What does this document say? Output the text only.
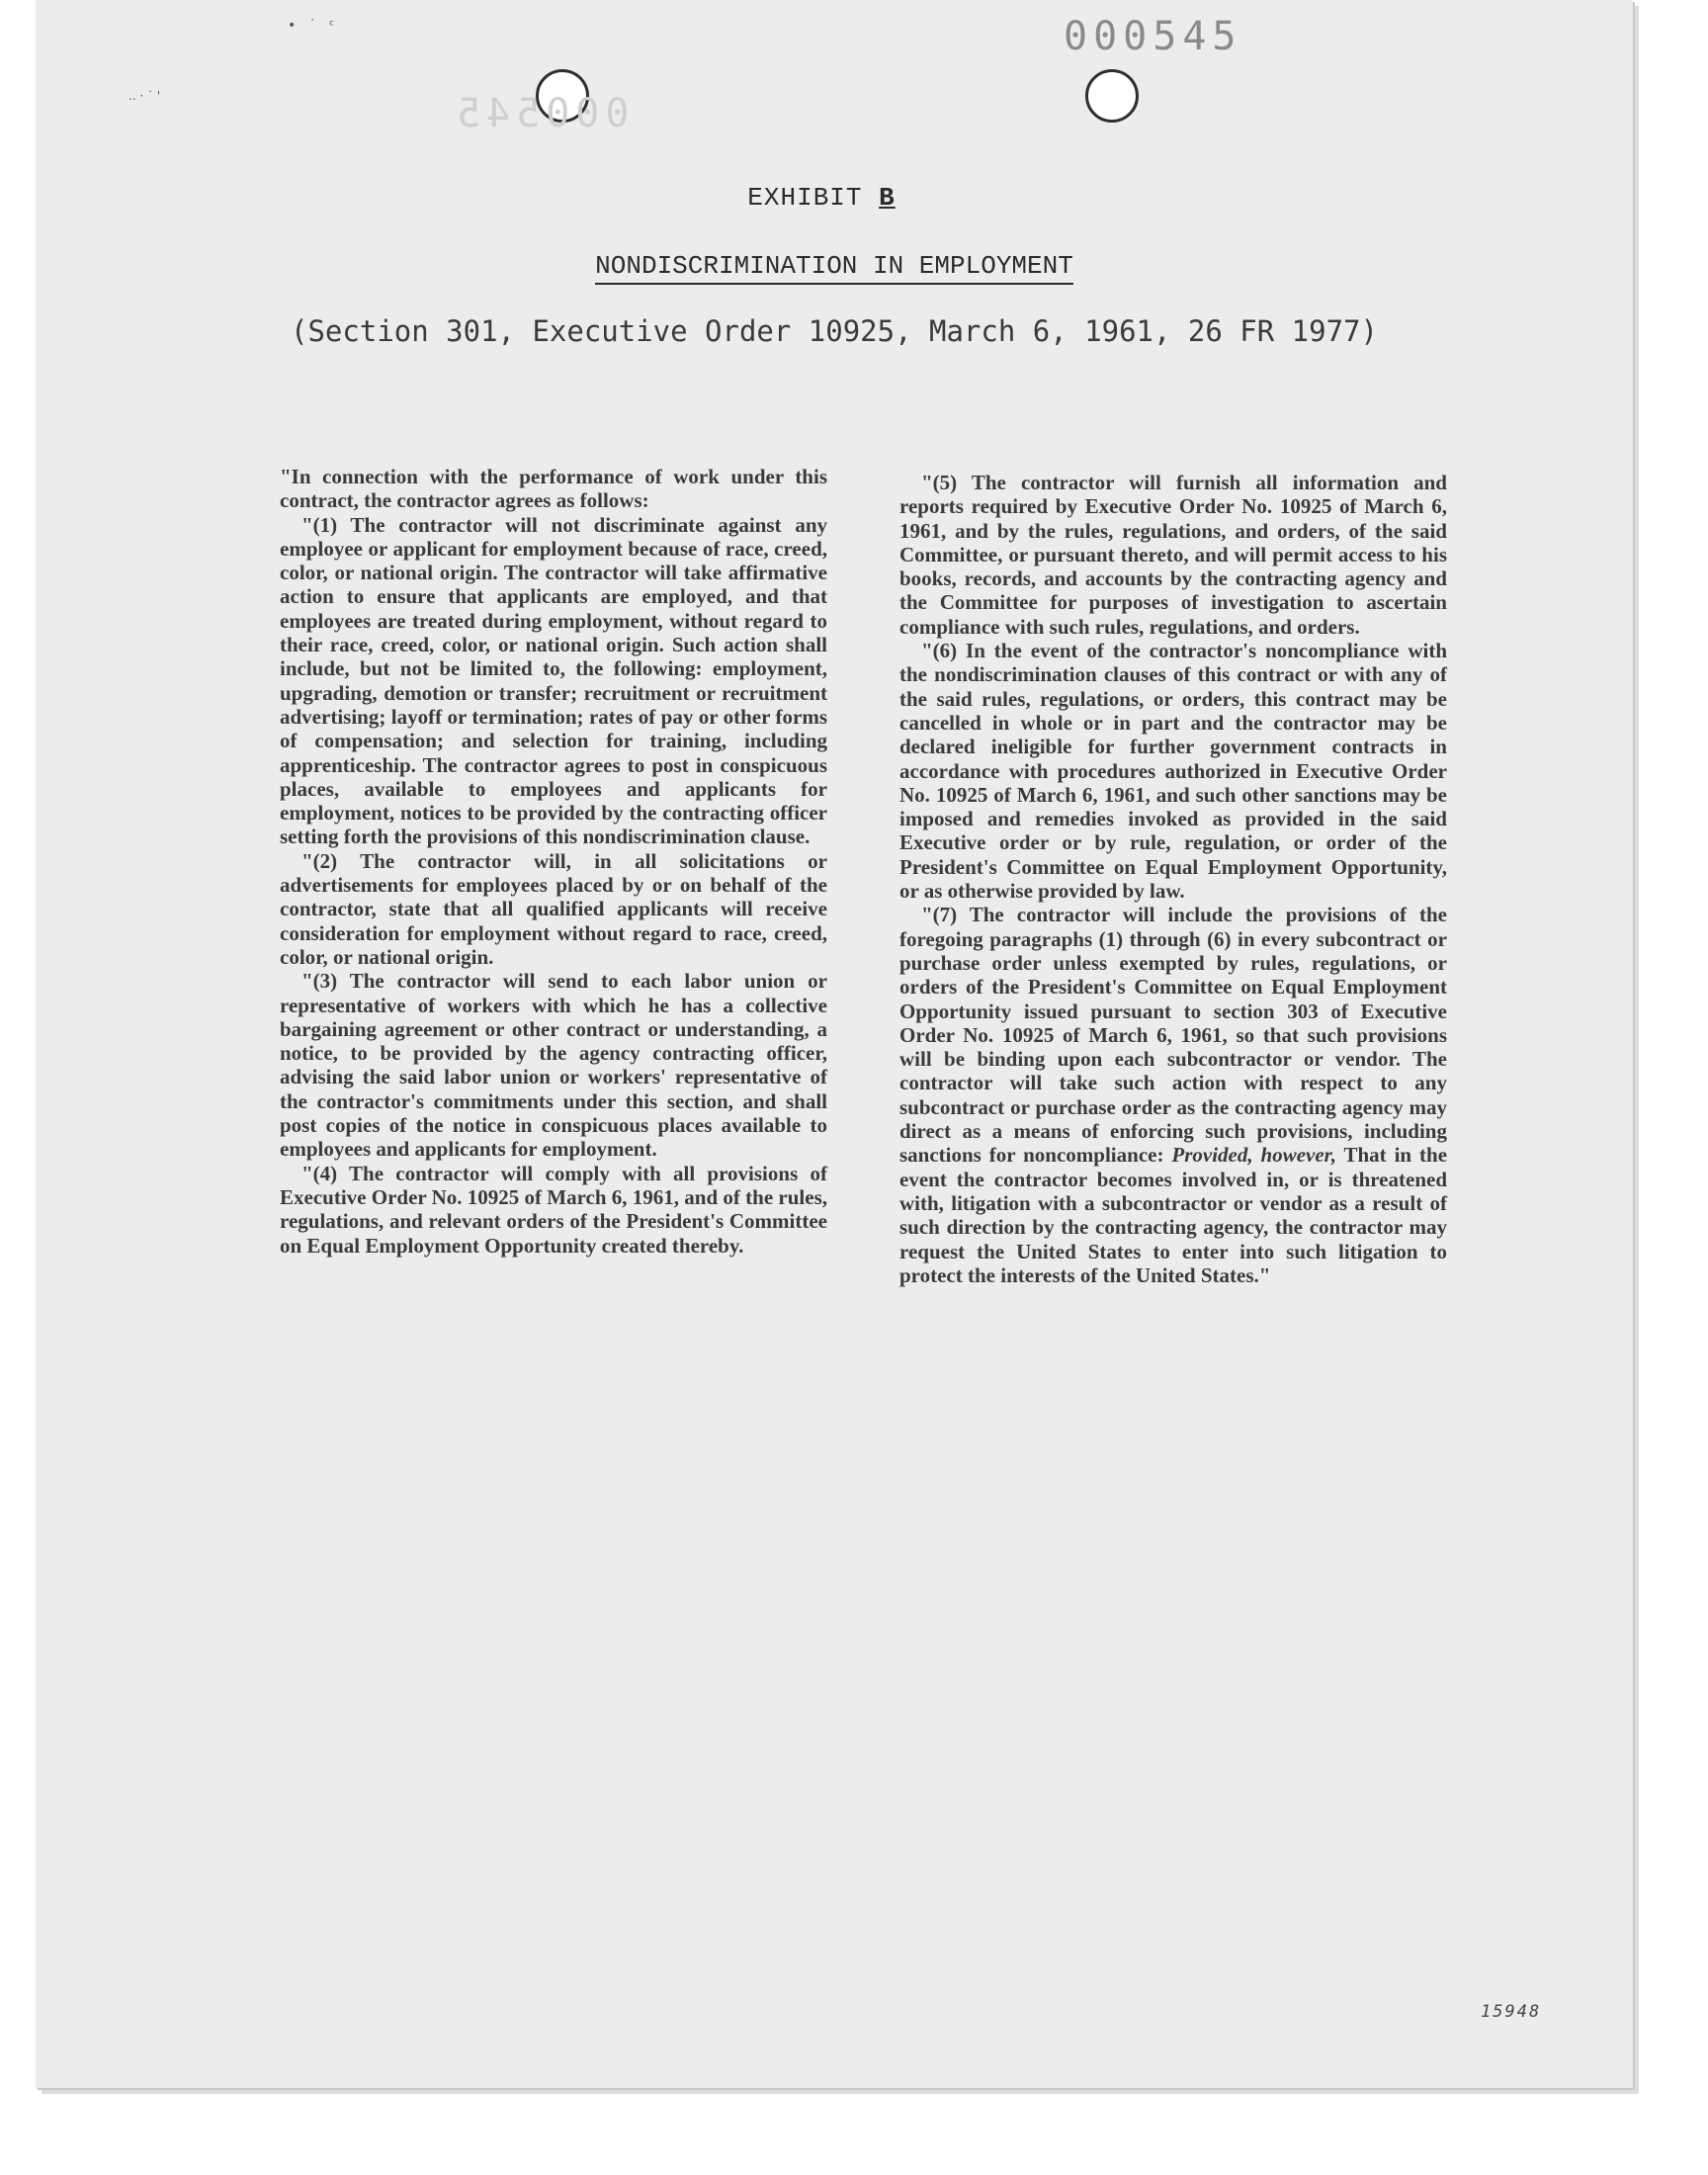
•   ˙   ᶜ
.. · ˙ '
000545
000545
EXHIBIT B
NONDISCRIMINATION IN EMPLOYMENT
(Section 301, Executive Order 10925, March 6, 1961, 26 FR 1977)

"In connection with the performance of work under this contract, the contractor agrees as follows:

"(1) The contractor will not discriminate against any employee or applicant for employment because of race, creed, color, or national origin. The contractor will take affirmative action to ensure that applicants are employed, and that employees are treated during employment, without regard to their race, creed, color, or national origin. Such action shall include, but not be limited to, the following: employment, upgrading, demotion or transfer; recruitment or recruitment advertising; layoff or termination; rates of pay or other forms of compensation; and selection for training, including apprenticeship. The contractor agrees to post in conspicuous places, available to employees and applicants for employment, notices to be provided by the contracting officer setting forth the provisions of this nondiscrimination clause.

"(2) The contractor will, in all solicitations or advertisements for employees placed by or on behalf of the contractor, state that all qualified applicants will receive consideration for employment without regard to race, creed, color, or national origin.

"(3) The contractor will send to each labor union or representative of workers with which he has a collective bargaining agreement or other contract or understanding, a notice, to be provided by the agency contracting officer, advising the said labor union or workers' representative of the contractor's commitments under this section, and shall post copies of the notice in conspicuous places available to employees and applicants for employment.

"(4) The contractor will comply with all provisions of Executive Order No. 10925 of March 6, 1961, and of the rules, regulations, and relevant orders of the President's Committee on Equal Employment Opportunity created thereby.

"(5) The contractor will furnish all information and reports required by Executive Order No. 10925 of March 6, 1961, and by the rules, regulations, and orders, of the said Committee, or pursuant thereto, and will permit access to his books, records, and accounts by the contracting agency and the Committee for purposes of investigation to ascertain compliance with such rules, regulations, and orders.

"(6) In the event of the contractor's noncompliance with the nondiscrimination clauses of this contract or with any of the said rules, regulations, or orders, this contract may be cancelled in whole or in part and the contractor may be declared ineligible for further government contracts in accordance with procedures authorized in Executive Order No. 10925 of March 6, 1961, and such other sanctions may be imposed and remedies invoked as provided in the said Executive order or by rule, regulation, or order of the President's Committee on Equal Employment Opportunity, or as otherwise provided by law.

"(7) The contractor will include the provisions of the foregoing paragraphs (1) through (6) in every subcontract or purchase order unless exempted by rules, regulations, or orders of the President's Committee on Equal Employment Opportunity issued pursuant to section 303 of Executive Order No. 10925 of March 6, 1961, so that such provisions will be binding upon each subcontractor or vendor. The contractor will take such action with respect to any subcontract or purchase order as the contracting agency may direct as a means of enforcing such provisions, including sanctions for noncompliance: Provided, however, That in the event the contractor becomes involved in, or is threatened with, litigation with a subcontractor or vendor as a result of such direction by the contracting agency, the contractor may request the United States to enter into such litigation to protect the interests of the United States."

15948
